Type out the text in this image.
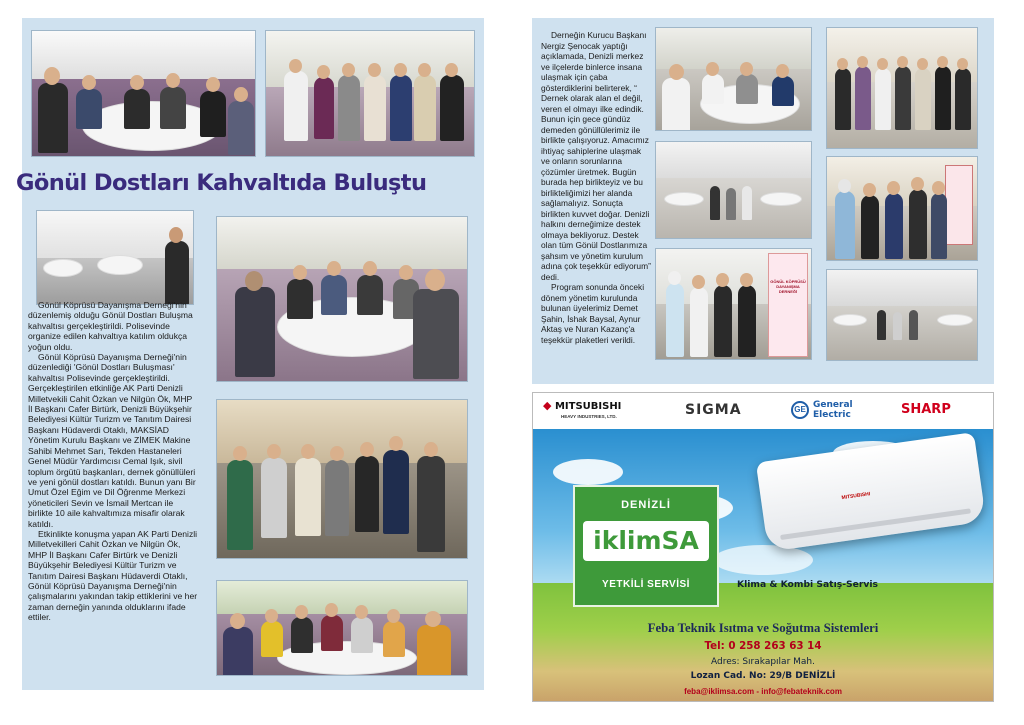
Gönül Dostları Kahvaltıda Buluştu

Gönül Köprüsü Dayanışma Derneği'nin düzenlemiş olduğu Gönül Dostları Buluşma kahvaltısı gerçekleştirildi. Polisevinde organize edilen kahvaltıya katılım oldukça yoğun oldu.

Gönül Köprüsü Dayanışma Derneği'nin düzenlediği 'Gönül Dostları Buluşması' kahvaltısı Polisevinde gerçekleştirildi. Gerçekleştirilen etkinliğe AK Parti Denizli Milletvekili Cahit Özkan ve Nilgün Ök, MHP İl Başkanı Cafer Birtürk, Denizli Büyükşehir Belediyesi Kültür Turizm ve Tanıtım Dairesi Başkanı Hüdaverdi Otaklı, MAKSİAD Yönetim Kurulu Başkanı ve ZİMEK Makine Sahibi Mehmet Sarı, Tekden Hastaneleri Genel Müdür Yardımcısı Cemal Işık, sivil toplum örgütü başkanları, dernek gönüllüleri ve yeni gönül dostları katıldı. Bunun yanı Bir Umut Özel Eğim ve Dil Öğrenme Merkezi yöneticileri Sevin ve İsmail Mertcan ile birlikte 10 aile kahvaltımıza misafir olarak katıldı.

Etkinlikte konuşma yapan AK Parti Denizli Milletvekilleri Cahit Özkan ve Nilgün Ök, MHP İl Başkanı Cafer Birtürk ve Denizli Büyükşehir Belediyesi Kültür Turizm ve Tanıtım Dairesi Başkanı Hüdaverdi Otaklı, Gönül Köprüsü Dayanışma Derneği'nin çalışmalarını yakından takip ettiklerini ve her zaman derneğin yanında olduklarını ifade ettiler.

Derneğin Kurucu Başkanı Nergiz Şenocak yaptığı açıklamada, Denizli merkez ve ilçelerde binlerce insana ulaşmak için çaba gösterdiklerini belirterek, “ Dernek olarak alan el değil, veren el olmayı ilke edindik. Bunun için gece gündüz demeden gönüllülerimiz ile birlikte çalışıyoruz. Amacımız ihtiyaç sahiplerine ulaşmak ve onların sorunlarına çözümler üretmek. Bugün burada hep birlikteyiz ve bu birlikteliğimizi her alanda sağlamalıyız. Sonuçta birlikten kuvvet doğar. Denizli halkını derneğimize destek olmaya bekliyoruz. Destek olan tüm Gönül Dostlarımıza şahsım ve yönetim kurulum adına çok teşekkür ediyorum” dedi.

Program sonunda önceki dönem yönetim kurulunda bulunan üyelerimiz Demet Şahin, İshak Baysal, Aynur Aktaş ve Nuran Kazanç'a teşekkür plaketleri verildi.

GÖNÜL KÖPRÜSÜ DAYANIŞMA DERNEĞİ
◆ MITSUBISHI
HEAVY INDUSTRIES, LTD.	SIGMA	GE General Electric	SHARP
MITSUBISHI
DENİZLİ
iklimSA
YETKİLİ SERVİSİ	Klima & Kombi Satış-Servis
Feba Teknik Isıtma ve Soğutma Sistemleri
Tel: 0 258 263 63 14
Adres: Sırakapılar Mah.
Lozan Cad. No: 29/B DENİZLİ
feba@iklimsa.com - info@febateknik.com
